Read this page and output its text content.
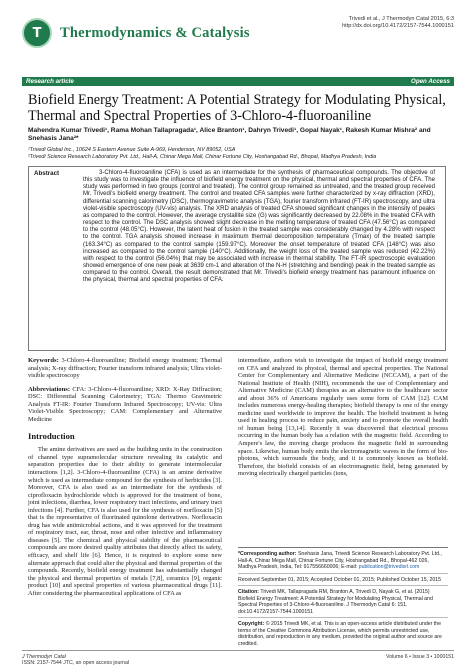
T	Thermodynamics & Catalysis
Trivedi et al., J Thermodyn Catal 2015, 6:3
http://dx.doi.org/10.4172/2157-7544.1000151
Research article	Open Access
Biofield Energy Treatment: A Potential Strategy for Modulating Physical, Thermal and Spectral Properties of 3-Chloro-4-fluoroaniline
Mahendra Kumar Trivedi¹, Rama Mohan Tallapragada¹, Alice Branton¹, Dahryn Trivedi¹, Gopal Nayak¹, Rakesh Kumar Mishra² and Snehasis Jana²*
¹Trivedi Global Inc., 10624 S Eastern Avenue Suite A-969, Henderson, NV 89052, USA
²Trivedi Science Research Laboratory Pvt. Ltd., Hall-A, Chinar Mega Mall, Chinar Fortune City, Hoshangabad Rd., Bhopal, Madhya Pradesh, India
Abstract	3-Chloro-4-fluoroaniline (CFA) is used as an intermediate for the synthesis of pharmaceutical compounds. The objective of this study was to investigate the influence of biofield energy treatment on the physical, thermal and spectral properties of CFA. The study was performed in two groups (control and treated). The control group remained as untreated, and the treated group received Mr. Trivedi's biofield energy treatment. The control and treated CFA samples were further characterized by x-ray diffraction (XRD), differential scanning calorimetry (DSC), thermogravimetric analysis (TGA), fourier transform infrared (FT-IR) spectroscopy, and ultra violet-visible spectroscopy (UV-vis) analysis. The XRD analysis of treated CFA showed significant changes in the intensity of peaks as compared to the control. However, the average crystallite size (G) was significantly decreased by 22.08% in the treated CFA with respect to the control. The DSC analysis showed slight decrease in the melting temperature of treated CFA (47.56°C) as compared to the control (48.05°C). However, the latent heat of fusion in the treated sample was considerably changed by 4.28% with respect to the control. TGA analysis showed increase in maximum thermal decomposition temperature (Tmax) of the treated sample (163.34°C) as compared to the control sample (159.97°C). Moreover the onset temperature of treated CFA (148°C) was also increased as compared to the control sample (140°C). Additionally, the weight loss of the treated sample was reduced (42.22%) with respect to the control (56.04%) that may be associated with increase in thermal stability. The FT-IR spectroscopic evaluation showed emergence of one new peak at 3639 cm-1 and alteration of the N-H (stretching and bending) peak in the treated sample as compared to the control. Overall, the result demonstrated that Mr. Trivedi's biofield energy treatment has paramount influence on the physical, thermal and spectral properties of CFA.

Keywords: 3-Chloro-4-fluoroaniline; Biofield energy treatment; Thermal analysis; X-ray diffraction; Fourier transform infrared analysis; Ultra violet-visible spectroscopy

Abbreviations: CFA: 3-Chloro-4-fluoroaniline; XRD: X-Ray Diffraction; DSC: Differential Scanning Calorimetry; TGA: Thermo Gravimetric Analysis FT-IR: Fourier Transform Infrared Spectroscopy; UV-vis: Ultra Violet-Visible Spectroscopy; CAM: Complementary and Alternative Medicine

Introduction

The amine derivatives are used as the building units in the construction of channel type supramolecular structure revealing its catalytic and separation properties due to their ability to generate intermolecular interactions [1,2]. 3-Chloro-4-fluoroaniline (CFA) is an amine derivative which is used as intermediate compound for the synthesis of herbicides [3]. Moreover, CFA is also used as an intermediate for the synthesis of ciprofloxacin hydrochloride which is approved for the treatment of bone, joint infections, diarrhea, lower respiratory tract infections, and urinary tract infections [4]. Further, CFA is also used for the synthesis of norfloxacin [5] that is the representative of fluorinated quinolone derivatives. Norfloxacin drug has wide antimicrobial actions, and it was approved for the treatment of respiratory tract, ear, throat, nose and other infective and inflammatory diseases [5]. The chemical and physical stability of the pharmaceutical compounds are more desired quality attributes that directly affect its safety, efficacy, and shelf life [6]. Hence, it is required to explore some new alternate approach that could alter the physical and thermal properties of the compounds. Recently, biofield energy treatment has substantially changed the physical and thermal properties of metals [7,8], ceramics [9], organic product [10] and spectral properties of various pharmaceutical drugs [11]. After considering the pharmaceutical applications of CFA as

intermediate, authors wish to investigate the impact of biofield energy treatment on CFA and analyzed its physical, thermal and spectral properties. The National Center for Complementary and Alternative Medicine (NCCAM), a part of the National Institute of Health (NIH), recommends the use of Complementary and Alternative Medicine (CAM) therapies as an alternative to the healthcare sector and about 36% of Americans regularly uses some form of CAM [12]. CAM includes numerous energy-healing therapies; biofield therapy is one of the energy medicine used worldwide to improve the health. The biofield treatment is being used in healing process to reduce pain, anxiety and to promote the overall health of human being [13,14]. Recently it was discovered that electrical process occurring in the human body has a relation with the magnetic field. According to Ampere's law, the moving charge produces the magnetic field in surrounding space. Likewise, human body emits the electromagnetic waves in the form of bio-photons, which surrounds the body, and it is commonly known as biofield. Therefore, the biofield consists of an electromagnetic field, being generated by moving electrically charged particles (ions,

*Corresponding author: Snehasis Jana, Trivedi Science Research Laboratory Pvt. Ltd., Hall-A, Chinar Mega Mall, Chinar Fortune City, Hoshangabad Rd., Bhopal-462 026, Madhya Pradesh, India, Tel: 917556660006; E-mail: publication@trivedisrl.com
Received September 01, 2015; Accepted October 01, 2015; Published October 15, 2015
Citation: Trivedi MK, Tallapragada RM, Branton A, Trivedi D, Nayak G, et al. (2015) Biofield Energy Treatment: A Potential Strategy for Modulating Physical, Thermal and Spectral Properties of 3-Chloro-4-fluoroaniline. J Thermodyn Catal 6: 151. doi:10.4172/2157-7544.1000151
Copyright: © 2015 Trivedi MK, et al. This is an open-access article distributed under the terms of the Creative Commons Attribution License, which permits unrestricted use, distribution, and reproduction in any medium, provided the original author and source are credited.
J Thermodyn Catal
ISSN: 2157-7544 JTC, an open access journal
Volume 6 • Issue 3 • 1000151
